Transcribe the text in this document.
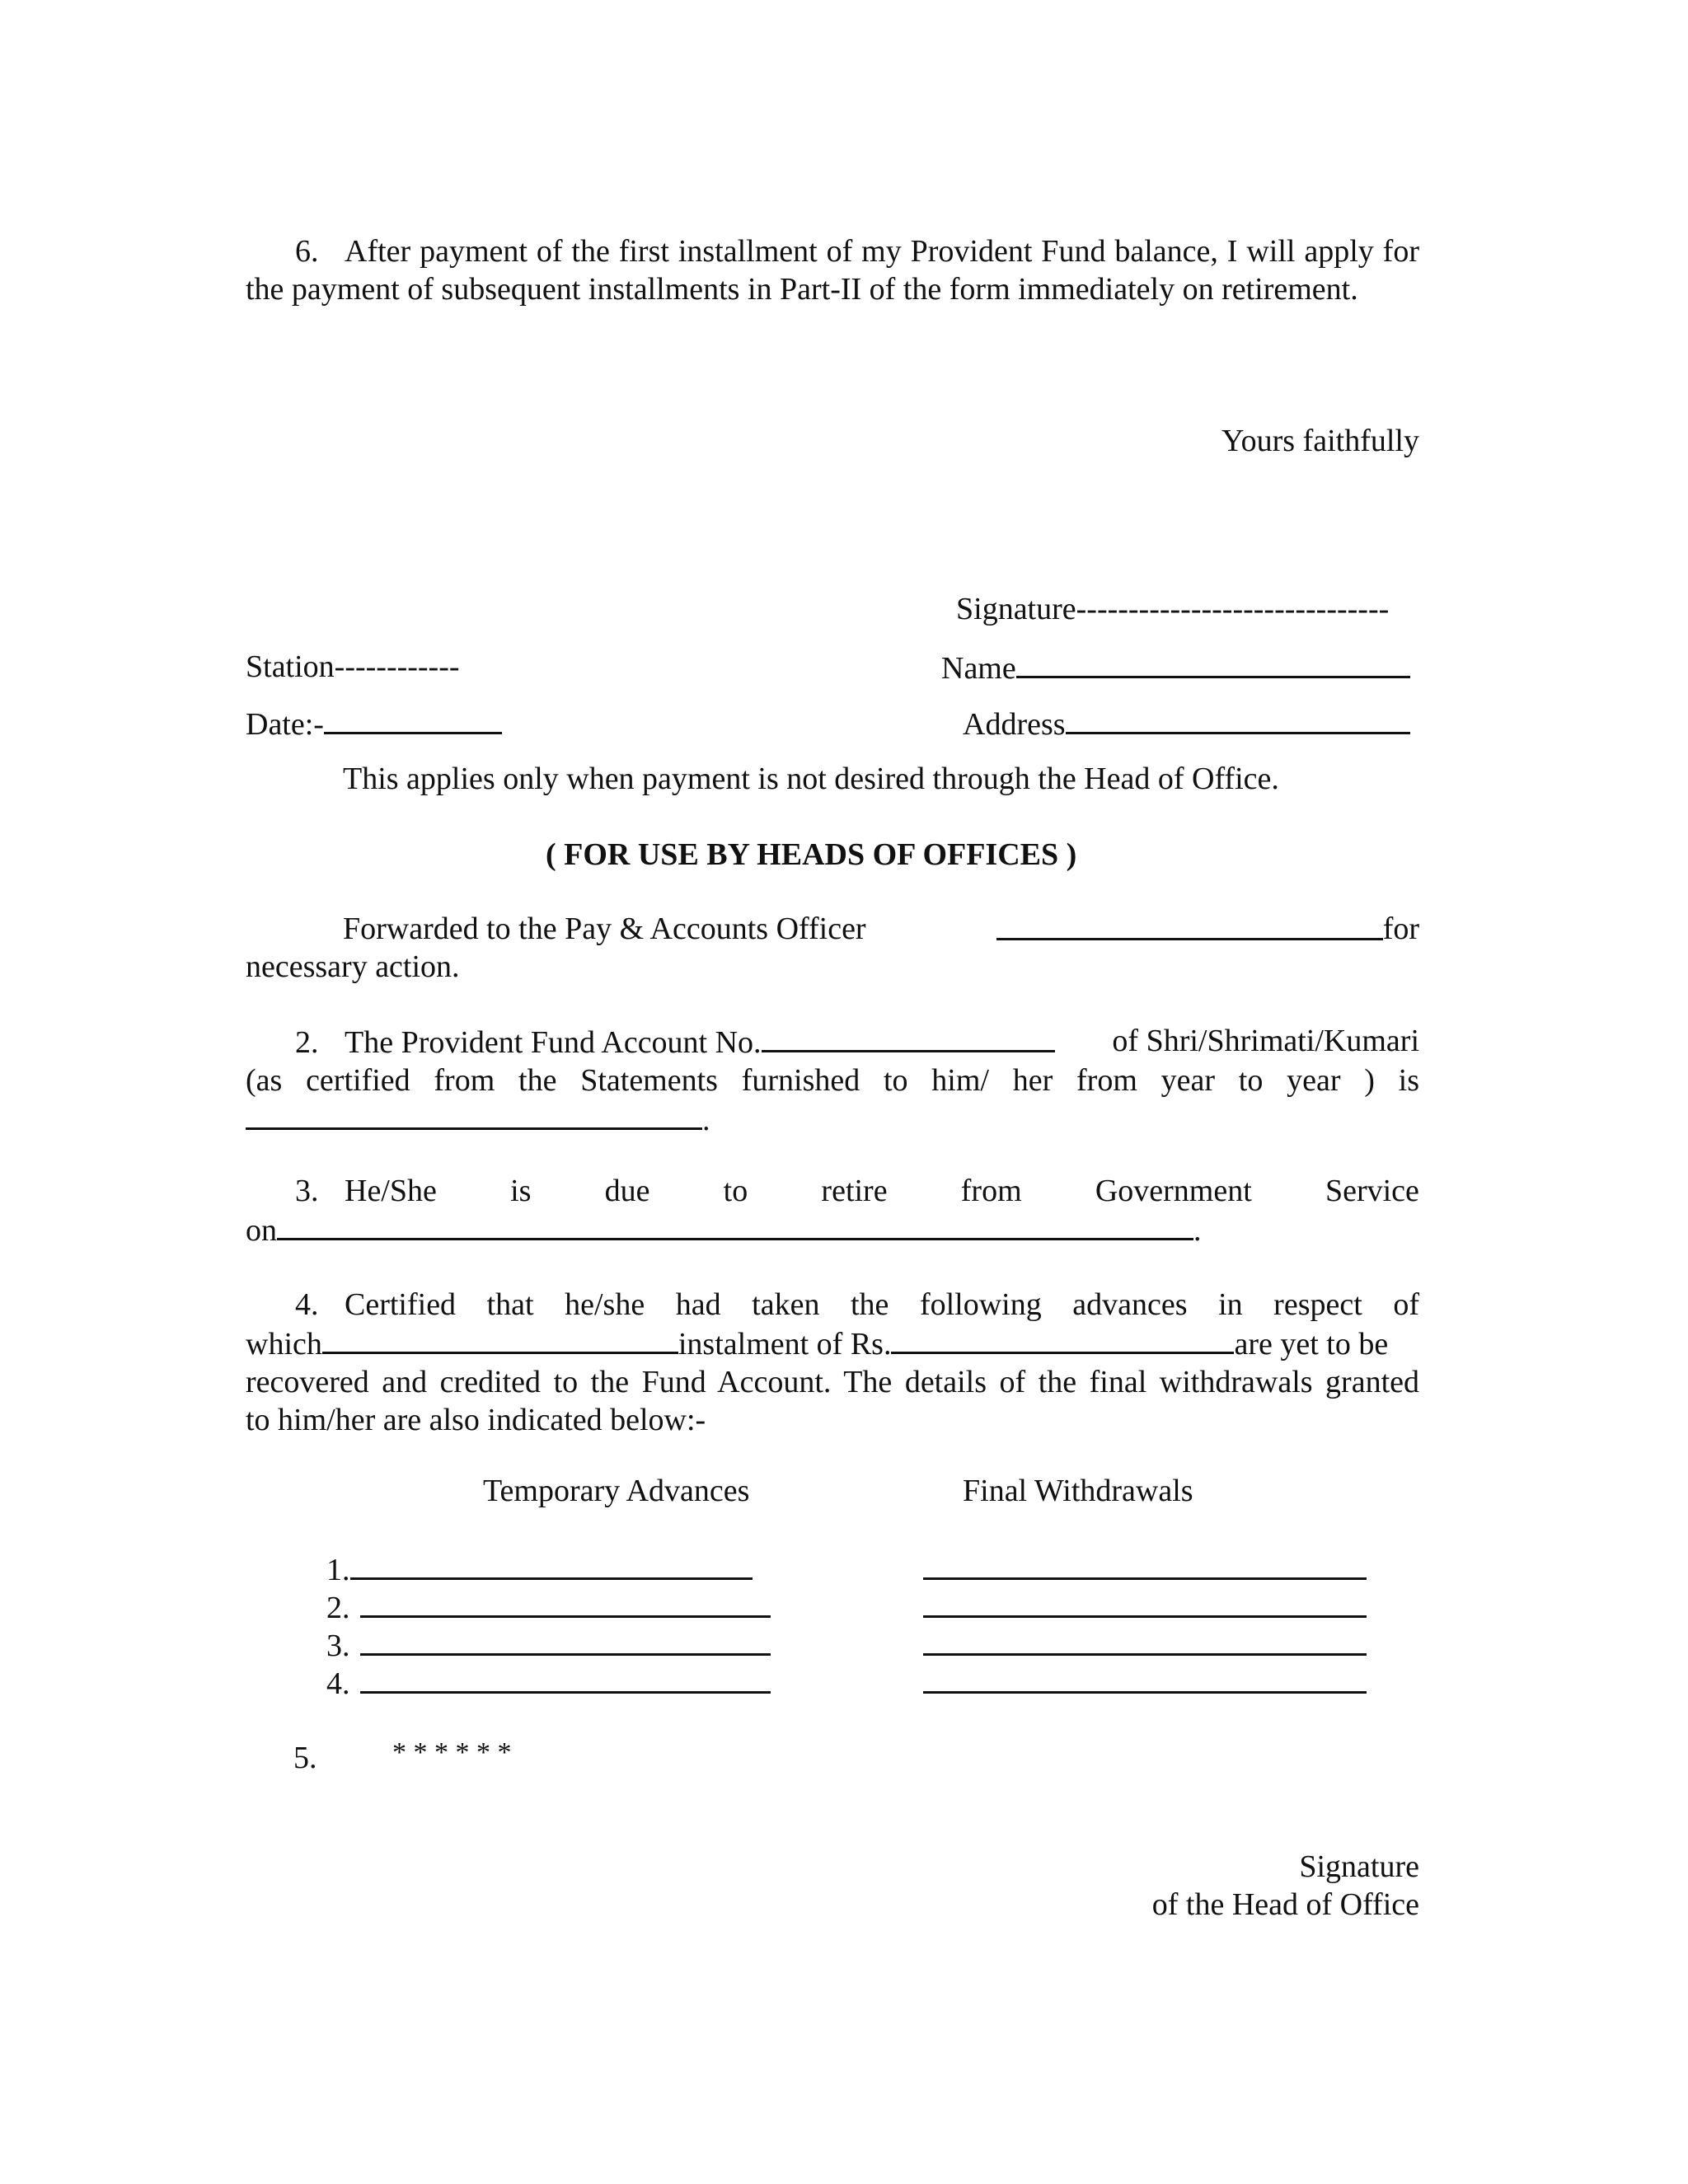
6. After payment of the first installment of my Provident Fund balance, I will apply for the payment of subsequent installments in Part-II of the form immediately on retirement.
Yours faithfully
Signature------------------------------
Station------------	Name
Date:-	Address
This applies only when payment is not desired through the Head of Office.
( FOR USE BY HEADS OF OFFICES )
Forwarded to the Pay & Accounts Officer	for
necessary action.
2. The Provident Fund Account No.	of Shri/Shrimati/Kumari
(as certified from the Statements furnished to him/ her from year to year ) is
.
3. He/She is due to retire from Government Service
on	.
4. Certified that he/she had taken the following advances in respect of
which	instalment of Rs.	are yet to be
recovered and credited to the Fund Account. The details of the final withdrawals granted
to him/her are also indicated below:-
Temporary Advances	Final Withdrawals
1.
2.
3.
4.
5.	* * * * * *
Signature
of the Head of Office
